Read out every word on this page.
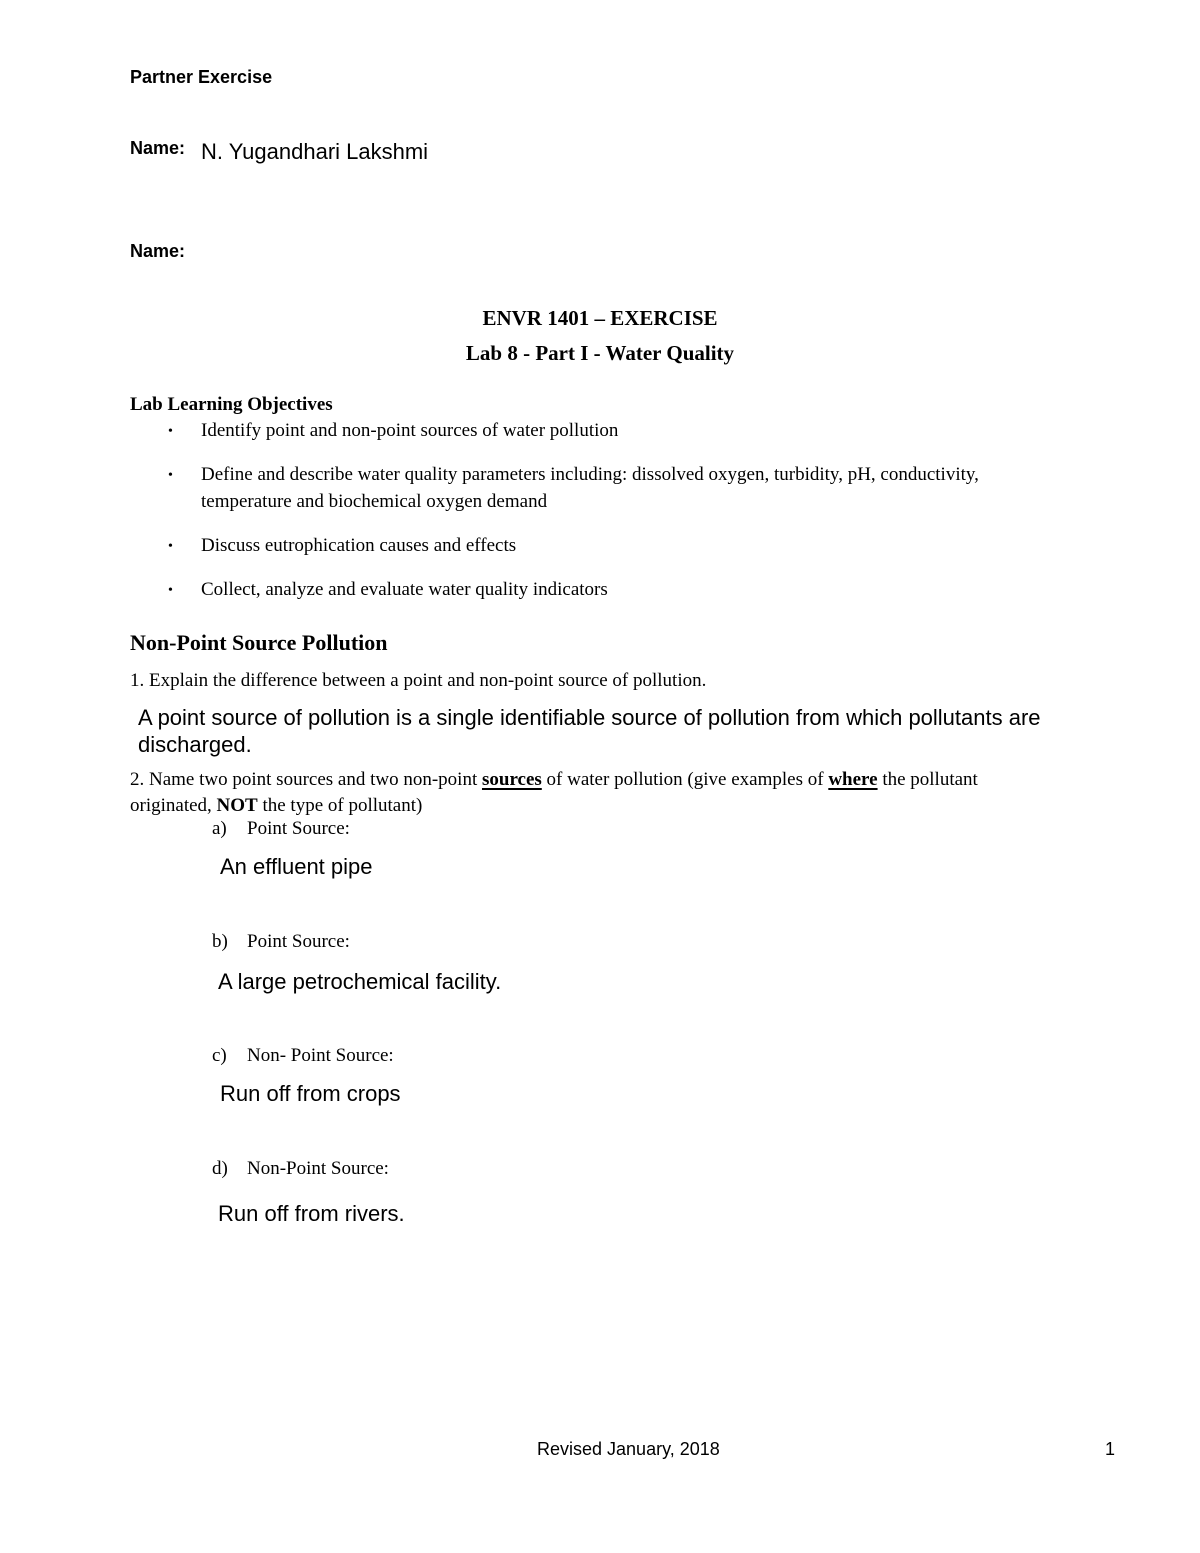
Partner Exercise
Name: N. Yugandhari Lakshmi
Name:
ENVR 1401 – EXERCISE
Lab 8 - Part I - Water Quality
Lab Learning Objectives
• Identify point and non-point sources of water pollution
• Define and describe water quality parameters including: dissolved oxygen, turbidity, pH, conductivity,
temperature and biochemical oxygen demand
• Discuss eutrophication causes and effects
• Collect, analyze and evaluate water quality indicators
Non-Point Source Pollution
1. Explain the difference between a point and non-point source of pollution.
A point source of pollution is a single identifiable source of pollution from which pollutants are
discharged.
2. Name two point sources and two non-point sources of water pollution (give examples of where the pollutant
originated, NOT the type of pollutant)
a) Point Source:
An effluent pipe
b) Point Source:
A large petrochemical facility.
c) Non- Point Source:
Run off from crops
d) Non-Point Source:
Run off from rivers.
Revised January, 2018	1
